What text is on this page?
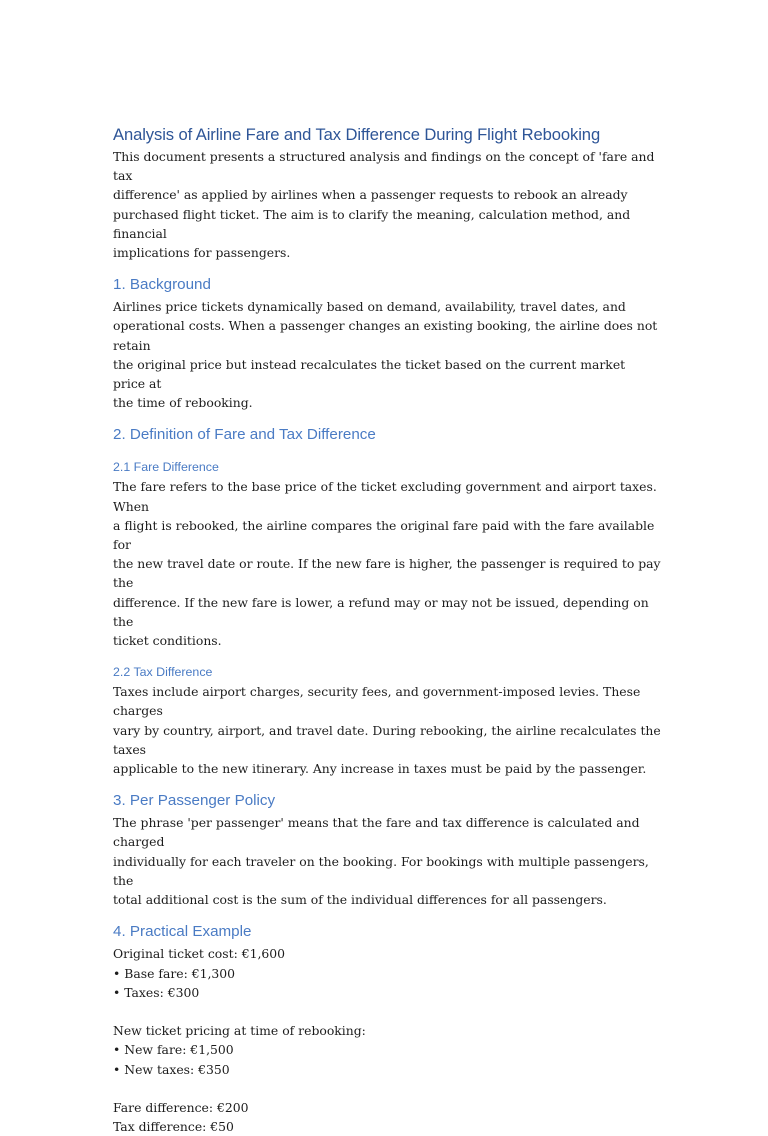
Analysis of Airline Fare and Tax Difference During Flight Rebooking

This document presents a structured analysis and findings on the concept of 'fare and tax
difference' as applied by airlines when a passenger requests to rebook an already
purchased flight ticket. The aim is to clarify the meaning, calculation method, and financial
implications for passengers.

1. Background

Airlines price tickets dynamically based on demand, availability, travel dates, and
operational costs. When a passenger changes an existing booking, the airline does not retain
the original price but instead recalculates the ticket based on the current market price at
the time of rebooking.

2. Definition of Fare and Tax Difference
2.1 Fare Difference

The fare refers to the base price of the ticket excluding government and airport taxes. When
a flight is rebooked, the airline compares the original fare paid with the fare available for
the new travel date or route. If the new fare is higher, the passenger is required to pay the
difference. If the new fare is lower, a refund may or may not be issued, depending on the
ticket conditions.

2.2 Tax Difference

Taxes include airport charges, security fees, and government-imposed levies. These charges
vary by country, airport, and travel date. During rebooking, the airline recalculates the taxes
applicable to the new itinerary. Any increase in taxes must be paid by the passenger.

3. Per Passenger Policy

The phrase 'per passenger' means that the fare and tax difference is calculated and charged
individually for each traveler on the booking. For bookings with multiple passengers, the
total additional cost is the sum of the individual differences for all passengers.

4. Practical Example

Original ticket cost: €1,600
• Base fare: €1,300
• Taxes: €300

New ticket pricing at time of rebooking:
• New fare: €1,500
• New taxes: €350

Fare difference: €200
Tax difference: €50
